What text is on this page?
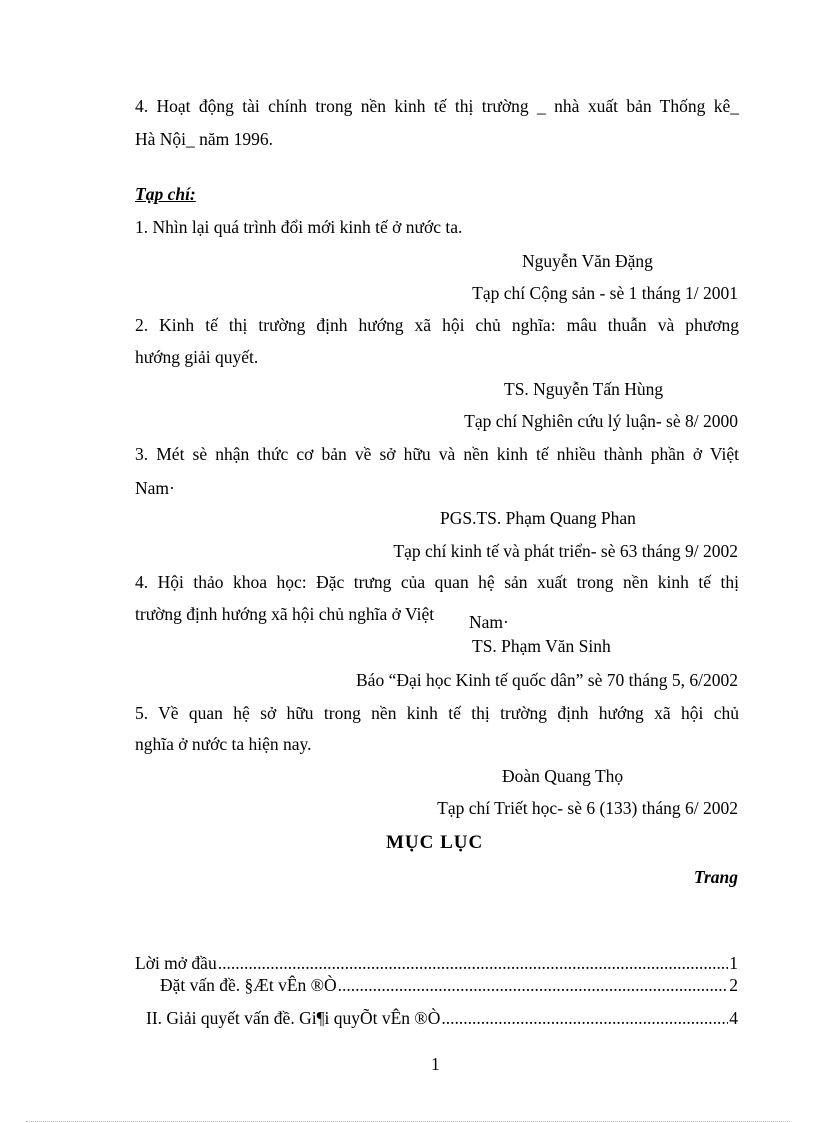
4. Hoạt động tài chính trong nền kinh tế thị trường _ nhà xuất bản Thống kê_
Hà Nội_ năm 1996.
Tạp chí:
1. Nhìn lại quá trình đổi mới kinh tế ở nước ta.
Nguyễn Văn Đặng
Tạp chí Cộng sản - sè 1 tháng 1/ 2001
2. Kinh tế thị trường định hướng xã hội chủ nghĩa: mâu thuẫn và phương
hướng giải quyết.
TS. Nguyễn Tấn Hùng
Tạp chí Nghiên cứu lý luận- sè 8/ 2000
3. Mét sè nhận thức cơ bản về sở hữu và nền kinh tế nhiều thành phần ở Việt
Nam·
PGS.TS. Phạm Quang Phan
Tạp chí kinh tế và phát triển- sè 63 tháng 9/ 2002
4. Hội thảo khoa học: Đặc trưng của quan hệ sản xuất trong nền kinh tế thị
trường định hướng xã hội chủ nghĩa ở Việt Nam·
TS. Phạm Văn Sinh
Báo “Đại học Kinh tế quốc dân” sè 70 tháng 5, 6/2002
5. Về quan hệ sở hữu trong nền kinh tế thị trường định hướng xã hội chủ
nghĩa ở nước ta hiện nay.
Đoàn Quang Thọ
Tạp chí Triết học- sè 6 (133) tháng 6/ 2002
MỤC LỤC
Trang
Lời mở đầu .....	1
Đặt vấn đề. §Æt vÊn ®Ò .....	2
II. Giải quyết vấn đề. Gi¶i quyÕt vÊn ®Ò .....	4
1
